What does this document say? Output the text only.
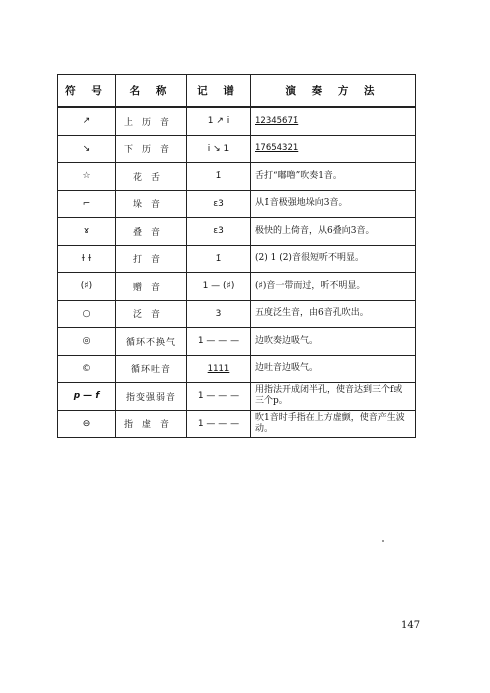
符 号	名 称	记 谱	演 奏 方 法
↗	上历音	1 ↗ i	12345671̇
↘	下历音	i ↘ 1	17654321
☆	花舌	1̇	舌打“嘟噜”吹奏1音。
⌐	垛音	ɛ3	从1̇音极强地垛向3音。
ɤ	叠音	ɛ3	极快的上倚音，从6叠向3音。
ɫ ɫ	打音	1̇	(2) 1 (2)音很短听不明显。
(♯)	赠音	1 — (♯)	(♯)音一带而过，听不明显。
○	泛音	3	五度泛生音，由6音孔吹出。
◎	循环不换气	1 — — —	边吹奏边吸气。
©	循环吐音	1111	边吐音边吸气。
p — f	指变强弱音	1 — — —	用指法开成闭半孔，使音达到三个f或三个p。
⊖	指虚音	1 — — —	吹1音时手指在上方虚颤，使音产生波动。
147
